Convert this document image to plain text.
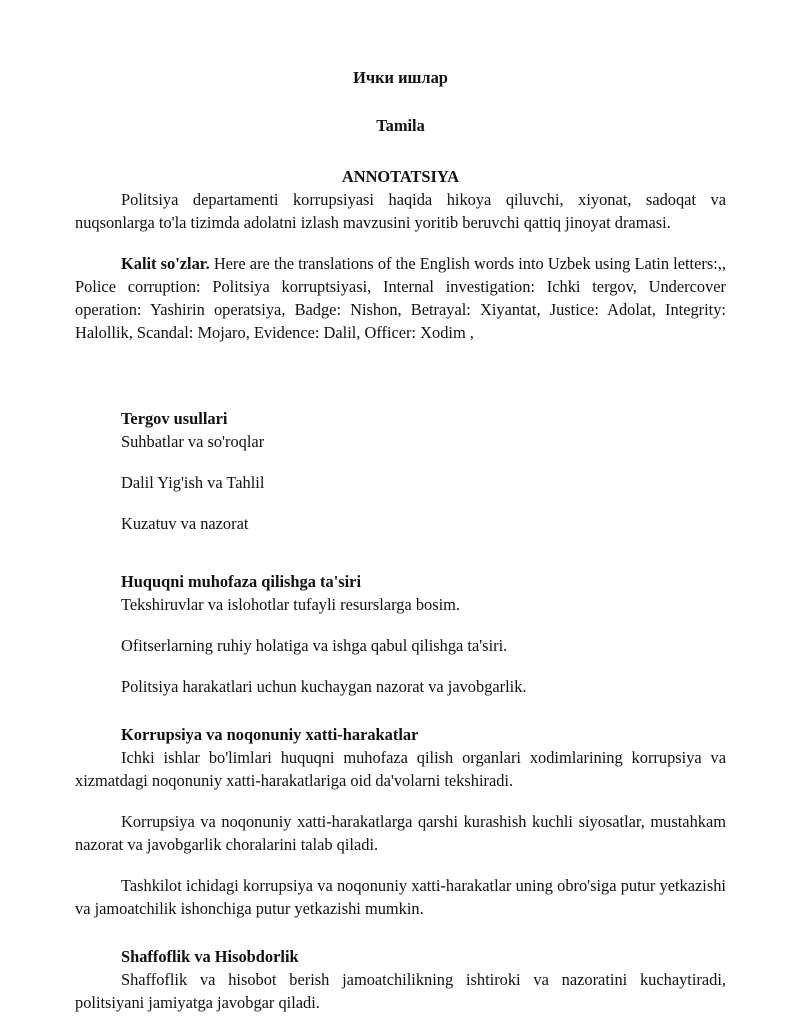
Ички ишлар

Tamila

ANNOTATSIYA

Politsiya departamenti korrupsiyasi haqida hikoya qiluvchi, xiyonat, sadoqat va nuqsonlarga to'la tizimda adolatni izlash mavzusini yoritib beruvchi qattiq jinoyat dramasi.

Kalit so'zlar. Here are the translations of the English words into Uzbek using Latin letters:,, Police corruption: Politsiya korruptsiyasi, Internal investigation: Ichki tergov, Undercover operation: Yashirin operatsiya, Badge: Nishon, Betrayal: Xiyantat, Justice: Adolat, Integrity: Halollik, Scandal: Mojaro, Evidence: Dalil, Officer: Xodim ,

Tergov usullari

Suhbatlar va so'roqlar

Dalil Yig'ish va Tahlil

Kuzatuv va nazorat

Huquqni muhofaza qilishga ta'siri

Tekshiruvlar va islohotlar tufayli resurslarga bosim.

Ofitserlarning ruhiy holatiga va ishga qabul qilishga ta'siri.

Politsiya harakatlari uchun kuchaygan nazorat va javobgarlik.

Korrupsiya va noqonuniy xatti-harakatlar

Ichki ishlar bo'limlari huquqni muhofaza qilish organlari xodimlarining korrupsiya va xizmatdagi noqonuniy xatti-harakatlariga oid da'volarni tekshiradi.

Korrupsiya va noqonuniy xatti-harakatlarga qarshi kurashish kuchli siyosatlar, mustahkam nazorat va javobgarlik choralarini talab qiladi.

Tashkilot ichidagi korrupsiya va noqonuniy xatti-harakatlar uning obro'siga putur yetkazishi va jamoatchilik ishonchiga putur yetkazishi mumkin.

Shaffoflik va Hisobdorlik

Shaffoflik va hisobot berish jamoatchilikning ishtiroki va nazoratini kuchaytiradi, politsiyani jamiyatga javobgar qiladi.
